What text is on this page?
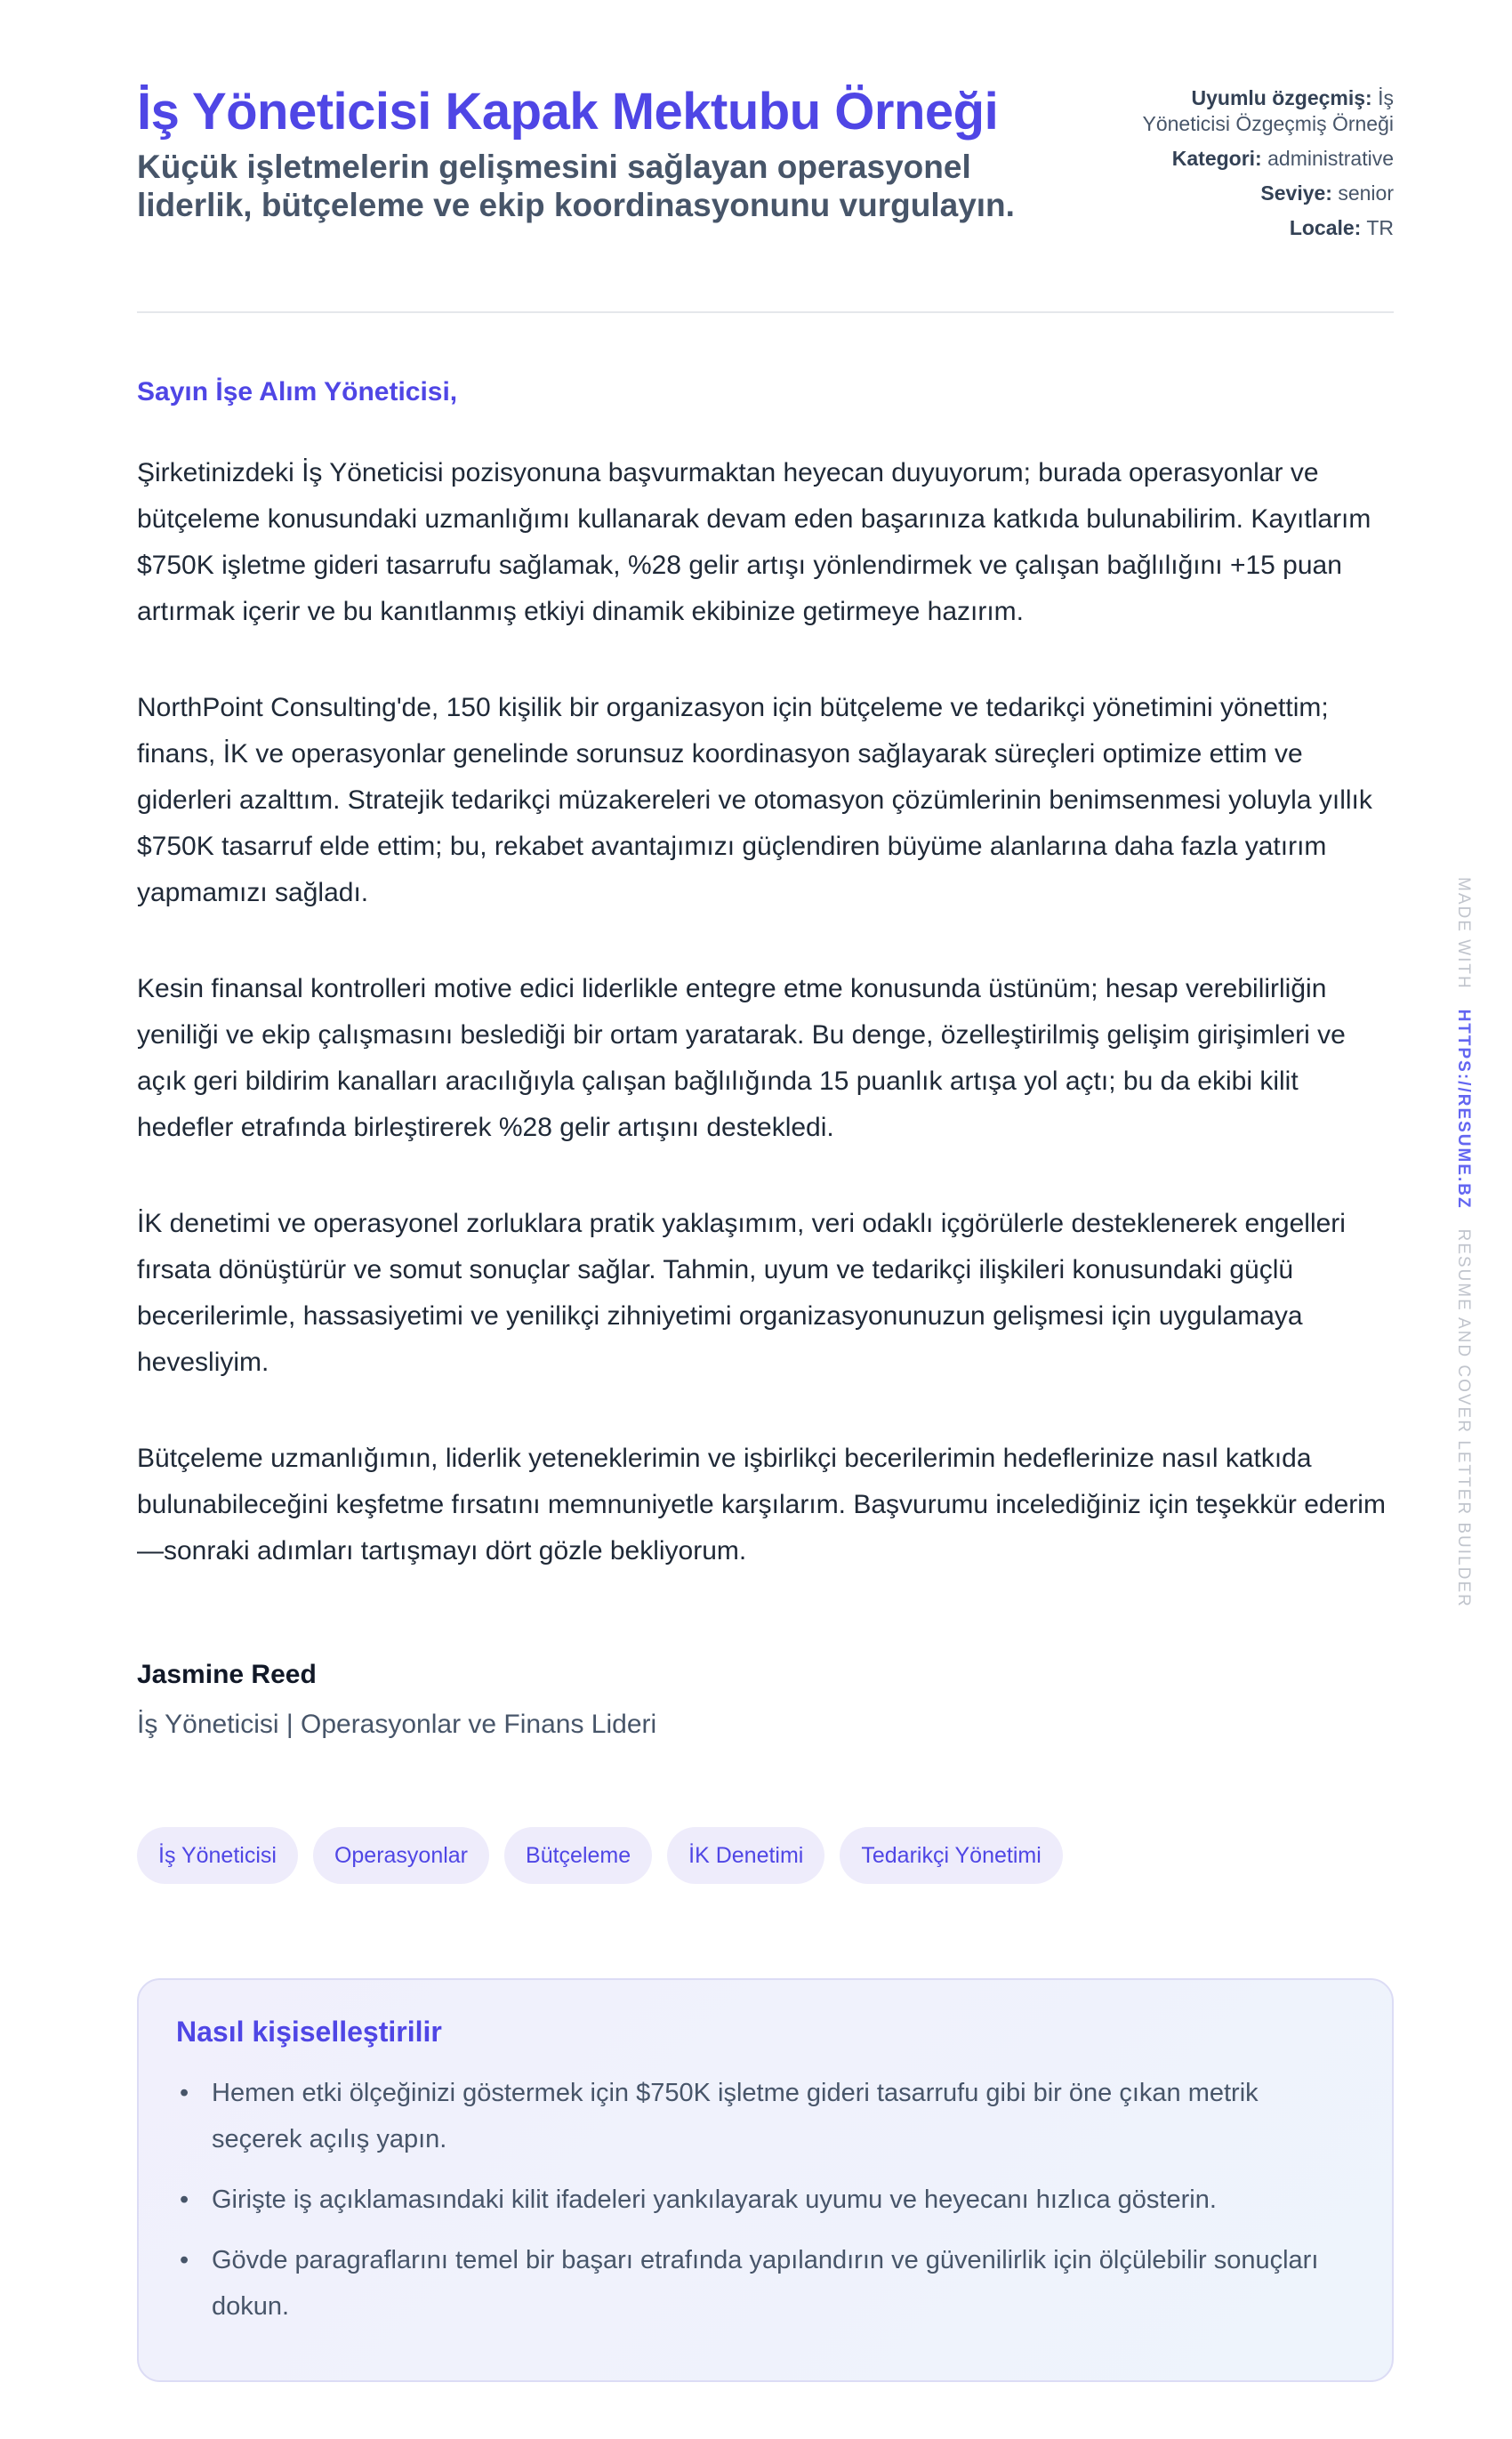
İş Yöneticisi Kapak Mektubu Örneği
Küçük işletmelerin gelişmesini sağlayan operasyonel liderlik, bütçeleme ve ekip koordinasyonunu vurgulayın.
Uyumlu özgeçmiş: İş Yöneticisi Özgeçmiş Örneği
Kategori: administrative
Seviye: senior
Locale: TR
Sayın İşe Alım Yöneticisi,

Şirketinizdeki İş Yöneticisi pozisyonuna başvurmaktan heyecan duyuyorum; burada operasyonlar ve bütçeleme konusundaki uzmanlığımı kullanarak devam eden başarınıza katkıda bulunabilirim. Kayıtlarım $750K işletme gideri tasarrufu sağlamak, %28 gelir artışı yönlendirmek ve çalışan bağlılığını +15 puan artırmak içerir ve bu kanıtlanmış etkiyi dinamik ekibinize getirmeye hazırım.

NorthPoint Consulting'de, 150 kişilik bir organizasyon için bütçeleme ve tedarikçi yönetimini yönettim; finans, İK ve operasyonlar genelinde sorunsuz koordinasyon sağlayarak süreçleri optimize ettim ve giderleri azalttım. Stratejik tedarikçi müzakereleri ve otomasyon çözümlerinin benimsenmesi yoluyla yıllık $750K tasarruf elde ettim; bu, rekabet avantajımızı güçlendiren büyüme alanlarına daha fazla yatırım yapmamızı sağladı.

Kesin finansal kontrolleri motive edici liderlikle entegre etme konusunda üstünüm; hesap verebilirliğin yeniliği ve ekip çalışmasını beslediği bir ortam yaratarak. Bu denge, özelleştirilmiş gelişim girişimleri ve açık geri bildirim kanalları aracılığıyla çalışan bağlılığında 15 puanlık artışa yol açtı; bu da ekibi kilit hedefler etrafında birleştirerek %28 gelir artışını destekledi.

İK denetimi ve operasyonel zorluklara pratik yaklaşımım, veri odaklı içgörülerle desteklenerek engelleri fırsata dönüştürür ve somut sonuçlar sağlar. Tahmin, uyum ve tedarikçi ilişkileri konusundaki güçlü becerilerimle, hassasiyetimi ve yenilikçi zihniyetimi organizasyonunuzun gelişmesi için uygulamaya hevesliyim.

Bütçeleme uzmanlığımın, liderlik yeteneklerimin ve işbirlikçi becerilerimin hedeflerinize nasıl katkıda bulunabileceğini keşfetme fırsatını memnuniyetle karşılarım. Başvurumu incelediğiniz için teşekkür ederim—sonraki adımları tartışmayı dört gözle bekliyorum.

Jasmine Reed
İş Yöneticisi | Operasyonlar ve Finans Lideri
İş Yöneticisi	Operasyonlar	Bütçeleme	İK Denetimi	Tedarikçi Yönetimi
Nasıl kişiselleştirilir
• Hemen etki ölçeğinizi göstermek için $750K işletme gideri tasarrufu gibi bir öne çıkan metrik seçerek açılış yapın.
• Girişte iş açıklamasındaki kilit ifadeleri yankılayarak uyumu ve heyecanı hızlıca gösterin.
• Gövde paragraflarını temel bir başarı etrafında yapılandırın ve güvenilirlik için ölçülebilir sonuçları dokun.
MADE WITH   HTTPS://RESUME.BZ   RESUME AND COVER LETTER BUILDER
